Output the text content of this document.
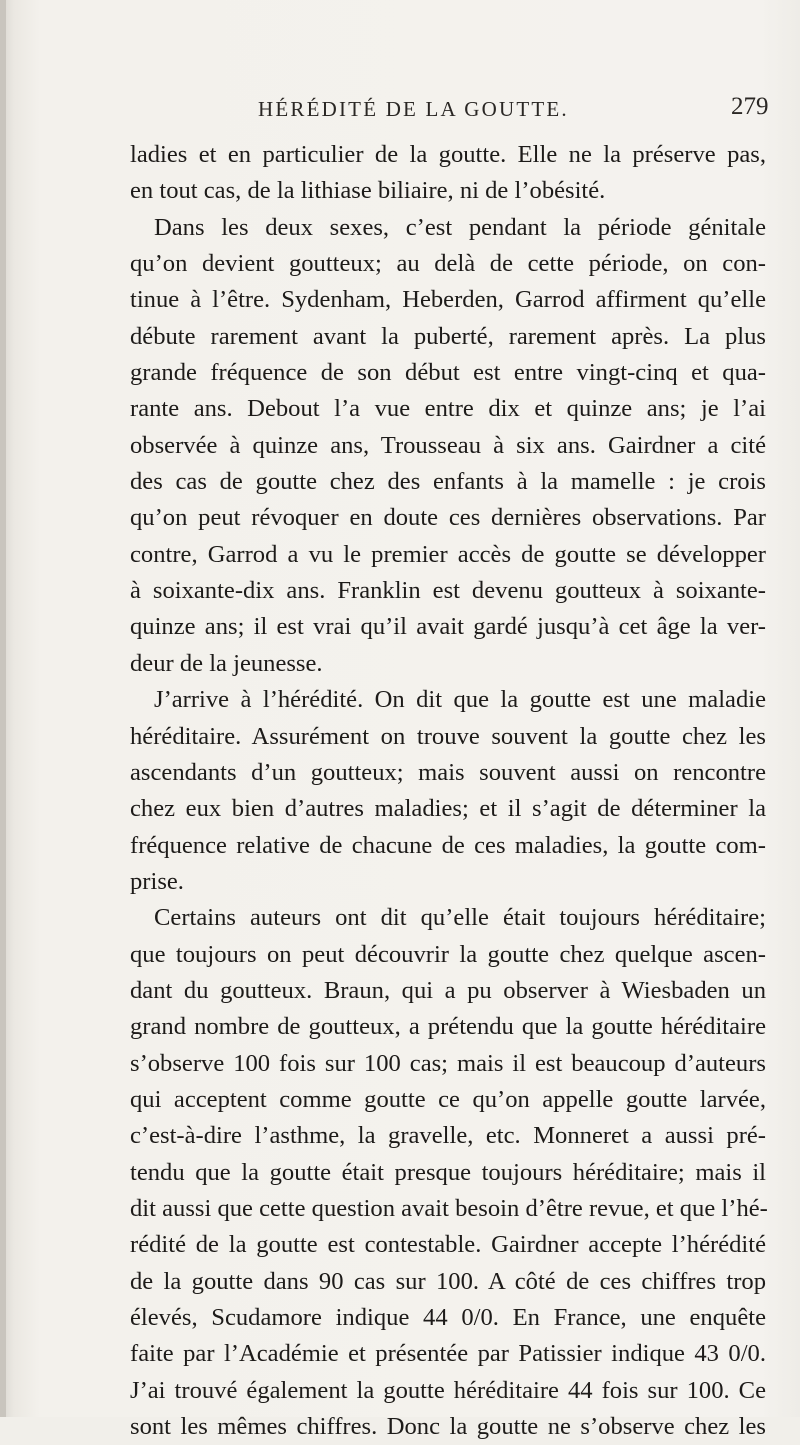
HÉRÉDITÉ DE LA GOUTTE.	279
ladies et en particulier de la goutte. Elle ne la préserve pas,
en tout cas, de la lithiase biliaire, ni de l’obésité.
Dans les deux sexes, c’est pendant la période génitale
qu’on devient goutteux; au delà de cette période, on con-
tinue à l’être. Sydenham, Heberden, Garrod affirment qu’elle
débute rarement avant la puberté, rarement après. La plus
grande fréquence de son début est entre vingt-cinq et qua-
rante ans. Debout l’a vue entre dix et quinze ans; je l’ai
observée à quinze ans, Trousseau à six ans. Gairdner a cité
des cas de goutte chez des enfants à la mamelle : je crois
qu’on peut révoquer en doute ces dernières observations. Par
contre, Garrod a vu le premier accès de goutte se développer
à soixante-dix ans. Franklin est devenu goutteux à soixante-
quinze ans; il est vrai qu’il avait gardé jusqu’à cet âge la ver-
deur de la jeunesse.
J’arrive à l’hérédité. On dit que la goutte est une maladie
héréditaire. Assurément on trouve souvent la goutte chez les
ascendants d’un goutteux; mais souvent aussi on rencontre
chez eux bien d’autres maladies; et il s’agit de déterminer la
fréquence relative de chacune de ces maladies, la goutte com-
prise.
Certains auteurs ont dit qu’elle était toujours héréditaire;
que toujours on peut découvrir la goutte chez quelque ascen-
dant du goutteux. Braun, qui a pu observer à Wiesbaden un
grand nombre de goutteux, a prétendu que la goutte héréditaire
s’observe 100 fois sur 100 cas; mais il est beaucoup d’auteurs
qui acceptent comme goutte ce qu’on appelle goutte larvée,
c’est-à-dire l’asthme, la gravelle, etc. Monneret a aussi pré-
tendu que la goutte était presque toujours héréditaire; mais il
dit aussi que cette question avait besoin d’être revue, et que l’hé-
rédité de la goutte est contestable. Gairdner accepte l’hérédité
de la goutte dans 90 cas sur 100. A côté de ces chiffres trop
élevés, Scudamore indique 44 0/0. En France, une enquête
faite par l’Académie et présentée par Patissier indique 43 0/0.
J’ai trouvé également la goutte héréditaire 44 fois sur 100. Ce
sont les mêmes chiffres. Donc la goutte ne s’observe chez les
